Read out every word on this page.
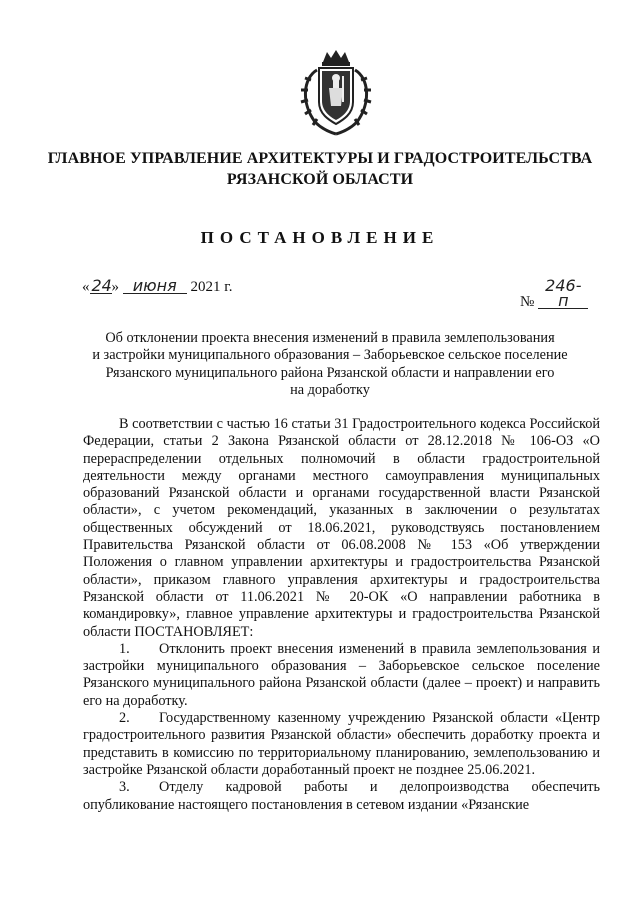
ГЛАВНОЕ УПРАВЛЕНИЕ АРХИТЕКТУРЫ И ГРАДОСТРОИТЕЛЬСТВА
РЯЗАНСКОЙ ОБЛАСТИ
ПОСТАНОВЛЕНИЕ
« 24» июня 2021 г.
№246-п
Об отклонении проекта внесения изменений в правила землепользования
и застройки муниципального образования – Заборьевское сельское поселение
Рязанского муниципального района Рязанской области и направлении его
на доработку

В соответствии с частью 16 статьи 31 Градостроительного кодекса Российской Федерации, статьи 2 Закона Рязанской области от 28.12.2018 № 106-ОЗ «О перераспределении отдельных полномочий в области градостроительной деятельности между органами местного самоуправления муниципальных образований Рязанской области и органами государственной власти Рязанской области», с учетом рекомендаций, указанных в заключении о результатах общественных обсуждений от 18.06.2021, руководствуясь постановлением Правительства Рязанской области от 06.08.2008 № 153 «Об утверждении Положения о главном управлении архитектуры и градостроительства Рязанской области», приказом главного управления архитектуры и градостроительства Рязанской области от 11.06.2021 № 20-ОК «О направлении работника в командировку», главное управление архитектуры и градостроительства Рязанской области ПОСТАНОВЛЯЕТ:

1. Отклонить проект внесения изменений в правила землепользования и застройки муниципального образования – Заборьевское сельское поселение Рязанского муниципального района Рязанской области (далее – проект) и направить его на доработку.

2. Государственному казенному учреждению Рязанской области «Центр градостроительного развития Рязанской области» обеспечить доработку проекта и представить в комиссию по территориальному планированию, землепользованию и застройке Рязанской области доработанный проект не позднее 25.06.2021.

3. Отделу кадровой работы и делопроизводства обеспечить опубликование настоящего постановления в сетевом издании «Рязанские
